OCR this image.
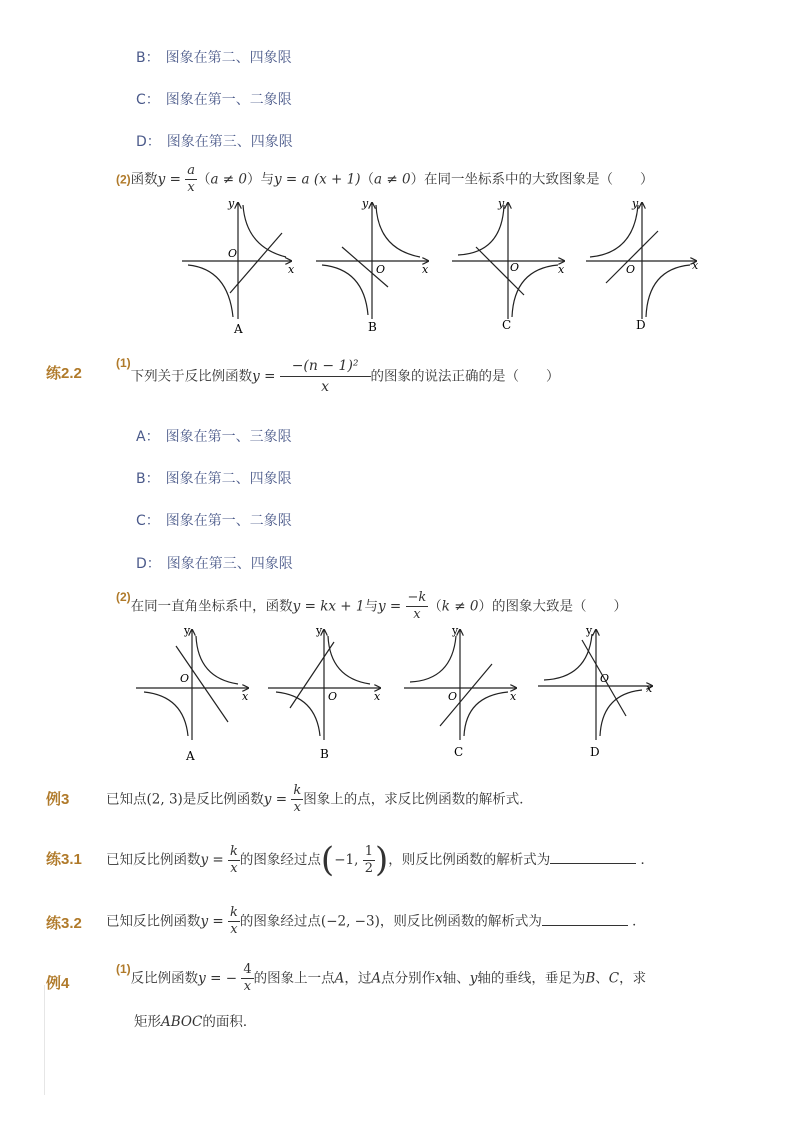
B： 图象在第二、四象限
C： 图象在第一、二象限
D： 图象在第三、四象限
(2)函数$y = \frac{a}{x} (a \ne 0)$与y = a (x + 1)（a ≠ 0）在同一坐标系中的大致图象是（　　）
y
x
O
A
y
x
O
B
y
x
O
C
y
x
O
D
练2.2
(1)下列关于反比例函数$y = \frac{\text{−(n − 1)²}}{x}$ 的图象的说法正确的是（　　）
A： 图象在第一、三象限
B： 图象在第二、四象限
C： 图象在第一、二象限
D： 图象在第三、四象限
(2)在同一直角坐标系中，函数y = kx + 1与$y = \frac{-k}{x} (k \ne 0)$的图象大致是（　　）
y
x
O
A
y
x
O
B
y
x
O
C
y
x
O
D
例3	已知点(2, 3)是反比例函数$y = \frac{k}{x}$ 图象上的点，求反比例函数的解析式．
练3.1 已知反比例函数$y = \frac{k}{x}$ 的图象经过点(−1, $\frac{1}{2}$ )，则反比例函数的解析式为	．
练3.2 已知反比例函数$y = \frac{k}{x}$ 的图象经过点(−2, −3)，则反比例函数的解析式为	．
例4
(1)反比例函数y = − $\frac{4}{x}$ 的图象上一点A，过A点分别作x轴、y轴的垂线，垂足为B、C，求
矩形ABOC的面积．
